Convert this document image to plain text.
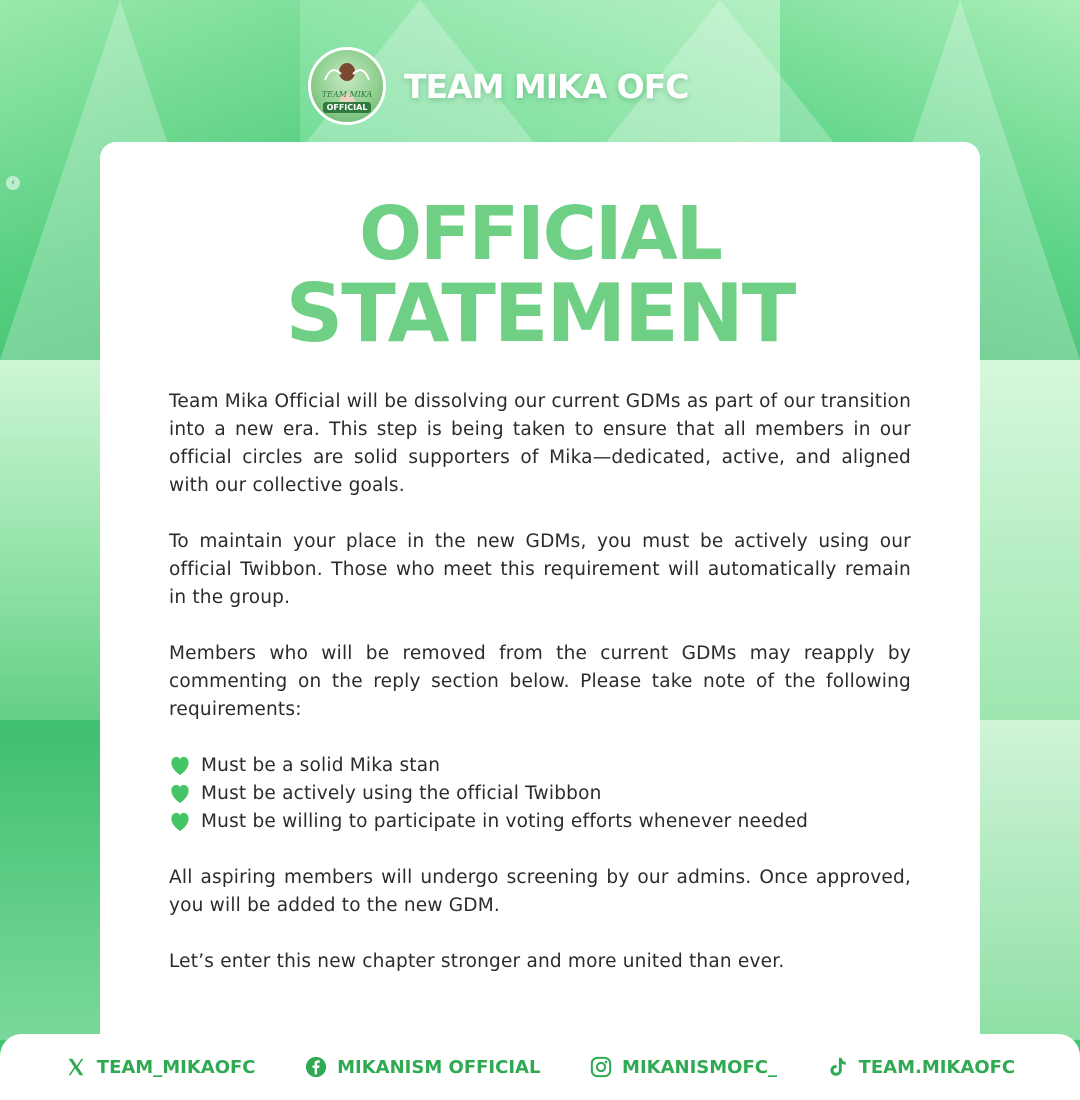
‹
TEAM MIKA
OFFICIAL
TEAM MIKA OFC
OFFICIAL
STATEMENT

Team Mika Official will be dissolving our current GDMs as part of our transition into a new era. This step is being taken to ensure that all members in our official circles are solid supporters of Mika—dedicated, active, and aligned with our collective goals.

To maintain your place in the new GDMs, you must be actively using our official Twibbon. Those who meet this requirement will automatically remain in the group.

Members who will be removed from the current GDMs may reapply by commenting on the reply section below. Please take note of the following requirements:

Must be a solid Mika stan
Must be actively using the official Twibbon
Must be willing to participate in voting efforts whenever needed

All aspiring members will undergo screening by our admins. Once approved, you will be added to the new GDM.

Let’s enter this new chapter stronger and more united than ever.

TEAM_MIKAOFC	MIKANISM OFFICIAL	MIKANISMOFC_	TEAM.MIKAOFC
